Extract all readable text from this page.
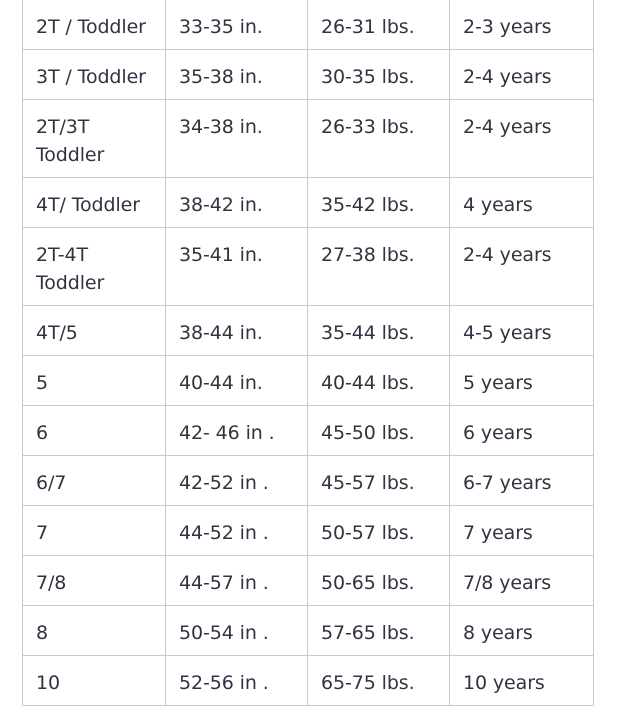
2T / Toddler	33-35 in.	26-31 lbs.	2-3 years
3T / Toddler	35-38 in.	30-35 lbs.	2-4 years
2T/3T Toddler	34-38 in.	26-33 lbs.	2-4 years
4T/ Toddler	38-42 in.	35-42 lbs.	4 years
2T-4T Toddler	35-41 in.	27-38 lbs.	2-4 years
4T/5	38-44 in.	35-44 lbs.	4-5 years
5	40-44 in.	40-44 lbs.	5 years
6	42- 46 in .	45-50 lbs.	6 years
6/7	42-52 in .	45-57 lbs.	6-7 years
7	44-52 in .	50-57 lbs.	7 years
7/8	44-57 in .	50-65 lbs.	7/8 years
8	50-54 in .	57-65 lbs.	8 years
10	52-56 in .	65-75 lbs.	10 years
